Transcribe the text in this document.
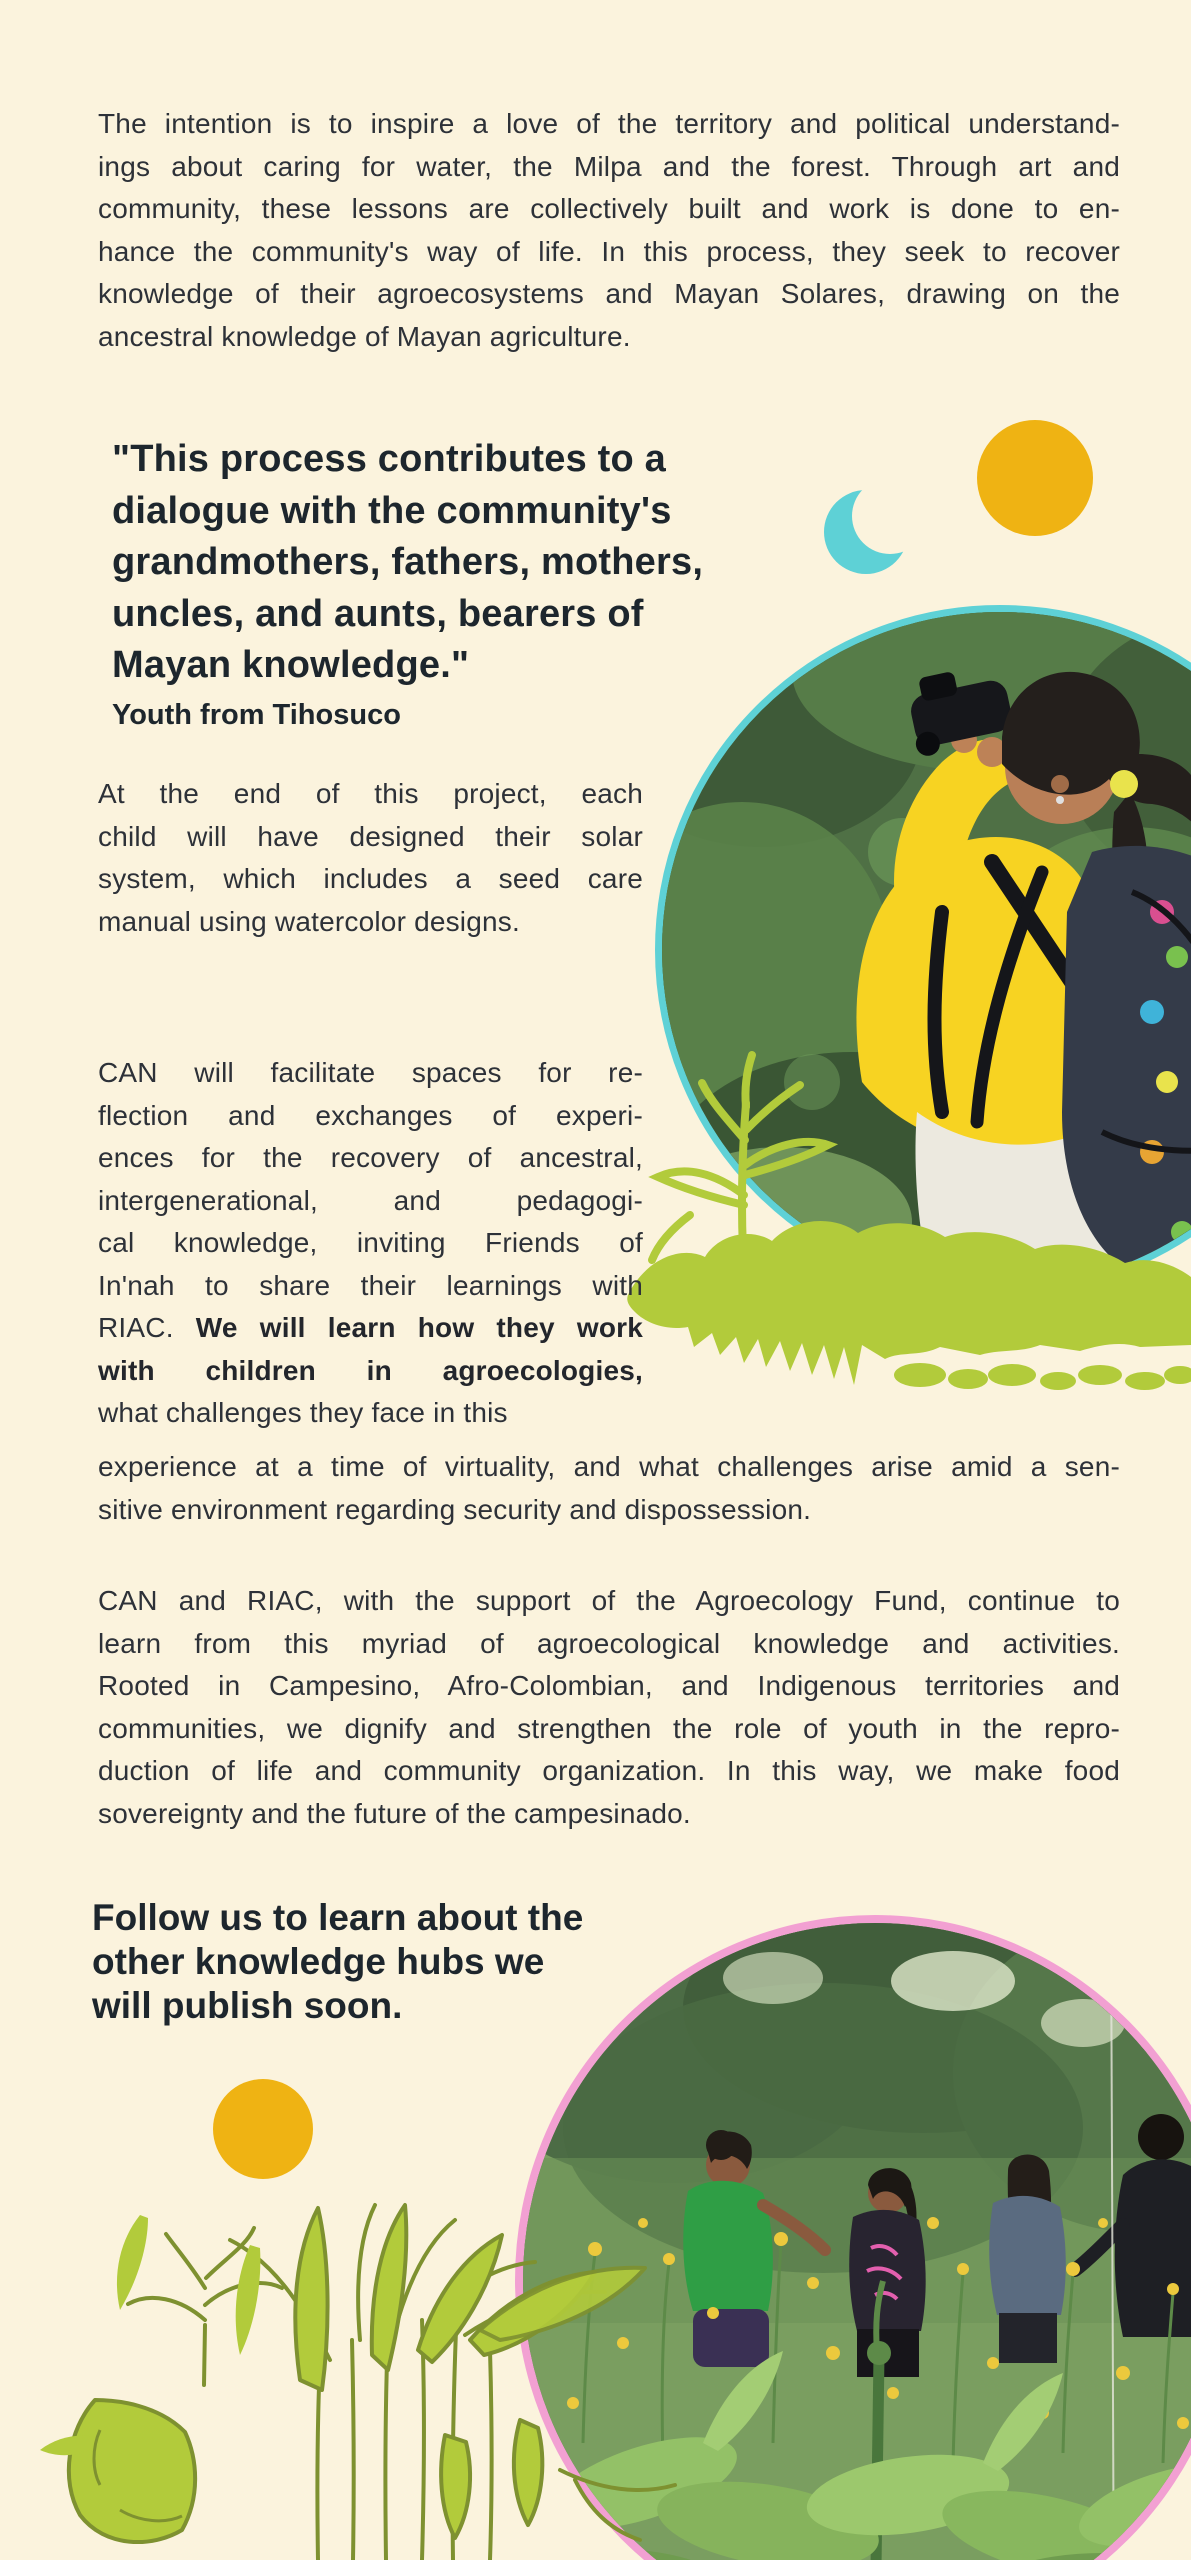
The intention is to inspire a love of the territory and political understand-
ings about caring for water, the Milpa and the forest. Through art and
community, these lessons are collectively built and work is done to en-
hance the community's way of life. In this process, they seek to recover
knowledge of their agroecosystems and Mayan Solares, drawing on the
ancestral knowledge of Mayan agriculture.
"This process contributes to a
dialogue with the community's
grandmothers, fathers, mothers,
uncles, and aunts, bearers of
Mayan knowledge."
Youth from Tihosuco
At the end of this project, each
child will have designed their solar
system, which includes a seed care
manual using watercolor designs.
CAN will facilitate spaces for re-
flection and exchanges of experi-
ences for the recovery of ancestral,
intergenerational, and pedagogi-
cal knowledge, inviting Friends of
In'nah to share their learnings with
RIAC. We will learn how they work
with children in agroecologies,
what challenges they face in this
experience at a time of virtuality, and what challenges arise amid a sen-
sitive environment regarding security and dispossession.
CAN and RIAC, with the support of the Agroecology Fund, continue to
learn from this myriad of agroecological knowledge and activities.
Rooted in Campesino, Afro-Colombian, and Indigenous territories and
communities, we dignify and strengthen the role of youth in the repro-
duction of life and community organization. In this way, we make food
sovereignty and the future of the campesinado.
Follow us to learn about the
other knowledge hubs we
will publish soon.
